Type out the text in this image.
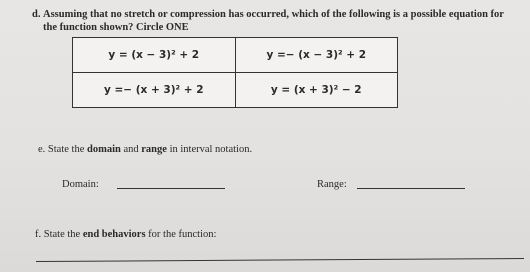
d. Assuming that no stretch or compression has occurred, which of the following is a possible equation for
the function shown? Circle ONE
y = (x − 3)² + 2	y =− (x − 3)² + 2
y =− (x + 3)² + 2	y = (x + 3)² − 2
e. State the domain and range in interval notation.
Domain:	Range:
f. State the end behaviors for the function:
